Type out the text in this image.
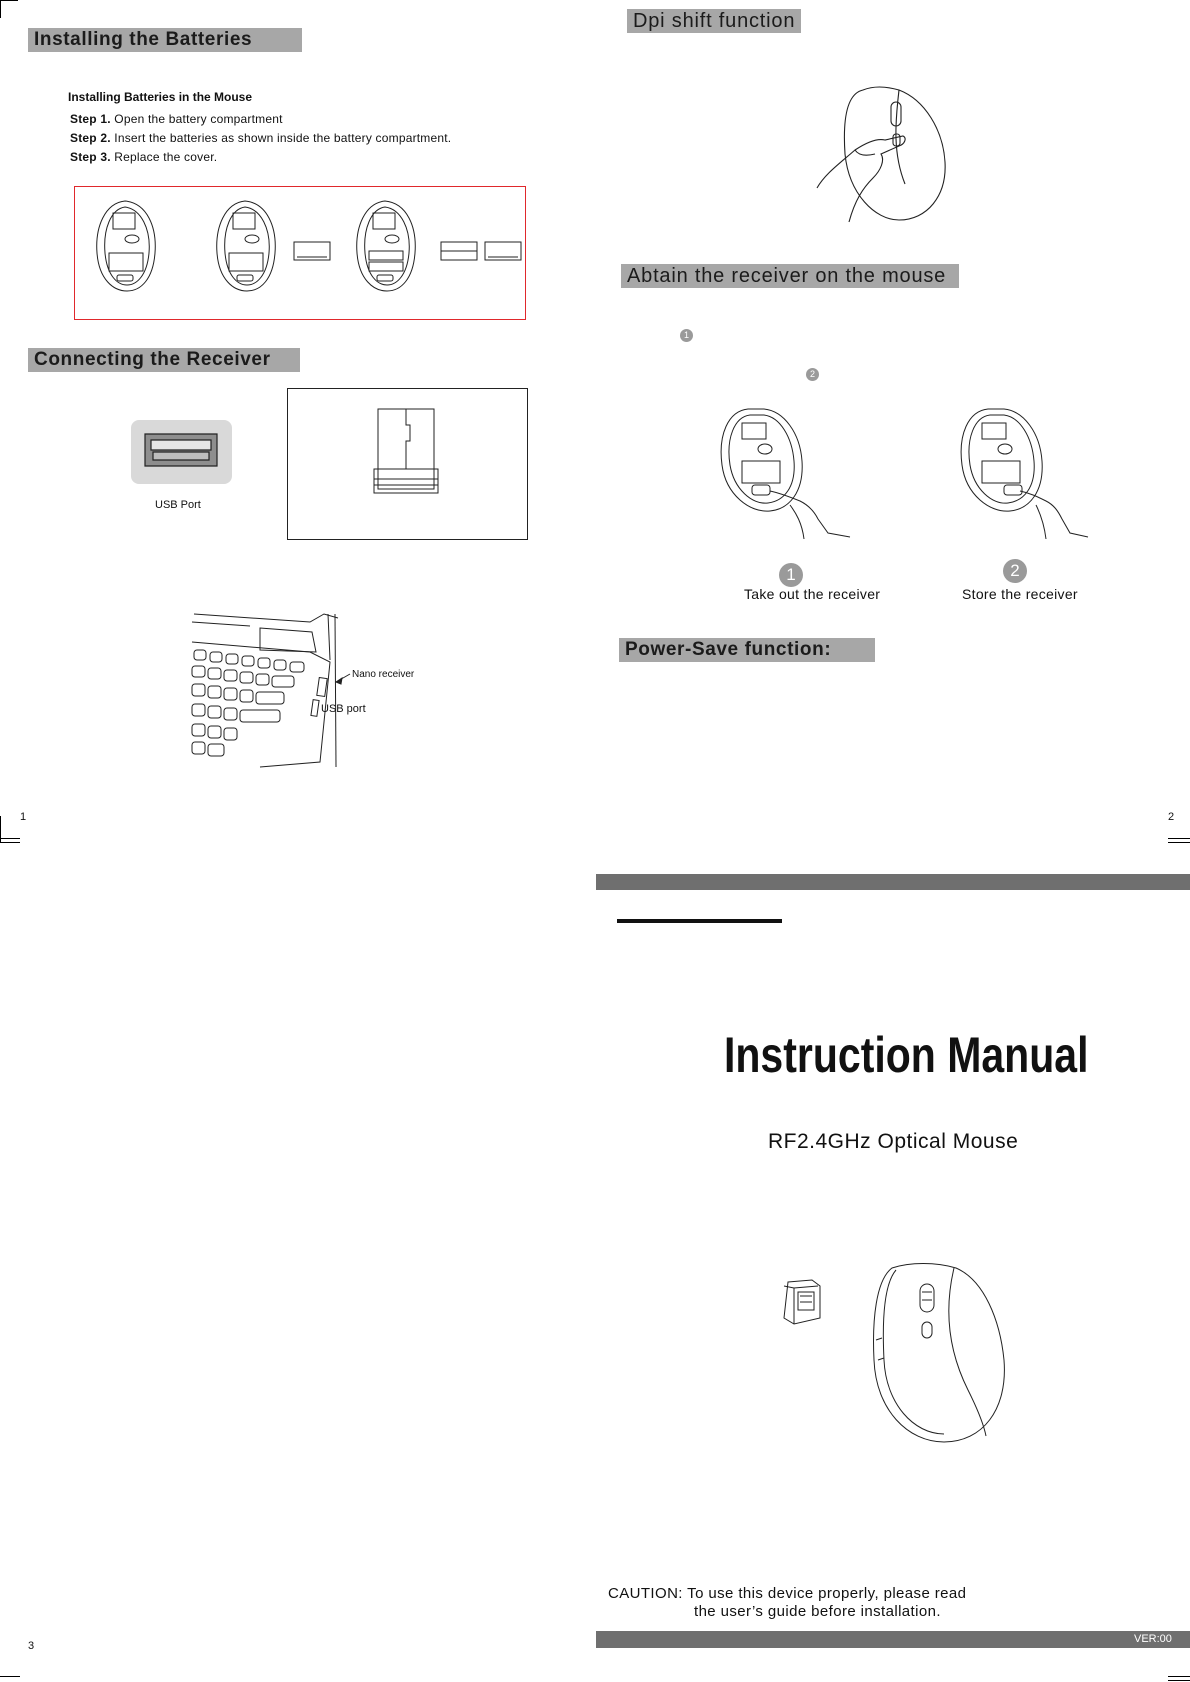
Installing the Batteries
Installing Batteries in the Mouse
Step 1. Open the battery compartment
Step 2. Insert the batteries as shown inside the battery compartment.
Step 3. Replace the cover.
Connecting the Receiver
USB Port
Nano receiver
USB port
1
Dpi shift function
Abtain the receiver on the mouse
1
2
1
Take out the receiver
2
Store the receiver
Power-Save function:
2
Instruction Manual
RF2.4GHz Optical Mouse
CAUTION: To use this device properly, please read
the user’s guide before installation.
VER:00
3
